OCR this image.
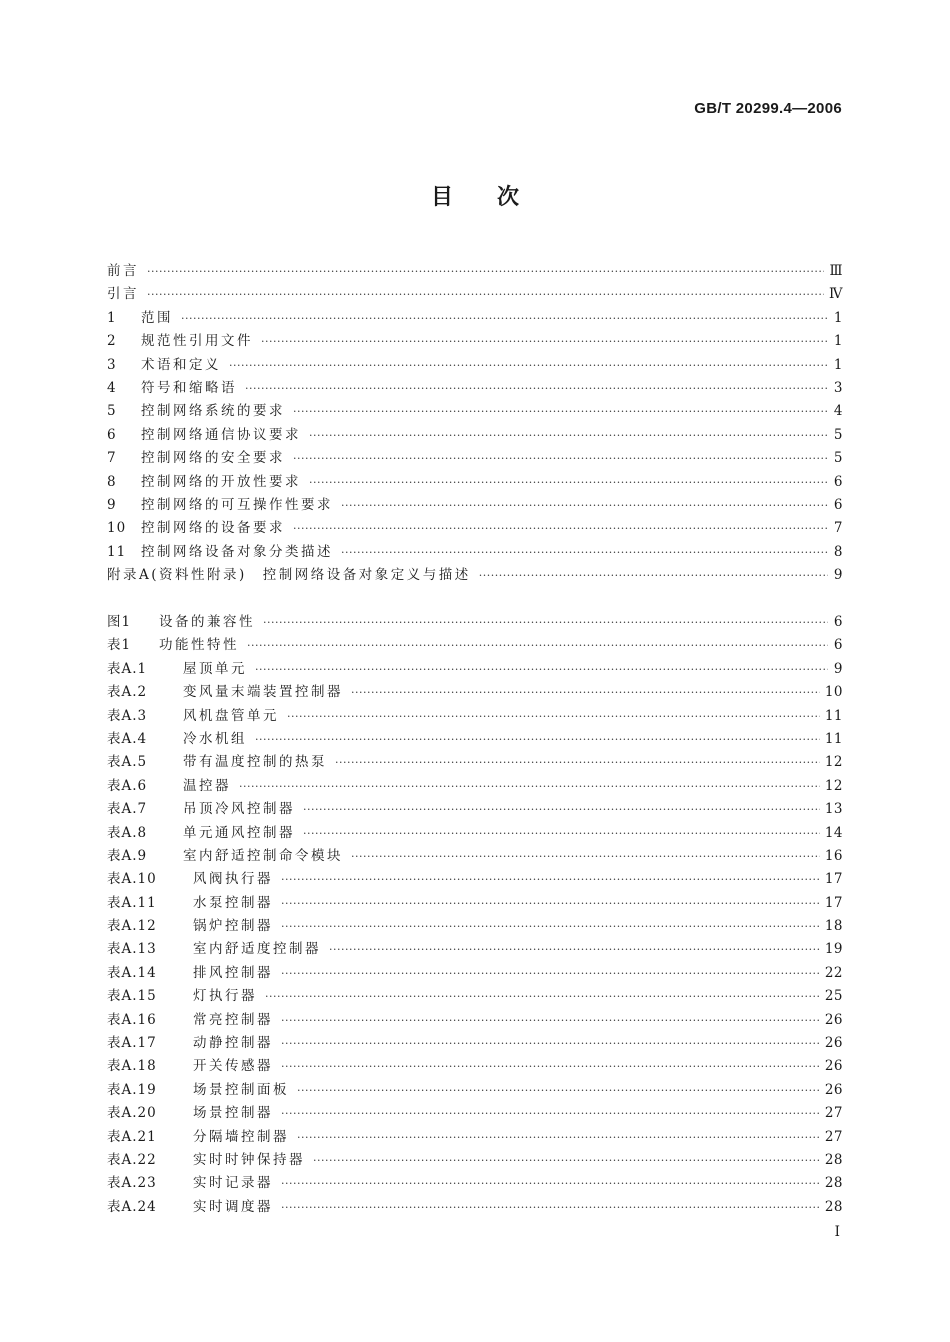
GB/T 20299.4—2006
目次
前言 ·····	Ⅲ
引言 ·····	Ⅳ
1	范围 ·····	1
2	规范性引用文件 ·····	1
3	术语和定义 ·····	1
4	符号和缩略语 ·····	3
5	控制网络系统的要求 ·····	4
6	控制网络通信协议要求 ·····	5
7	控制网络的安全要求 ·····	5
8	控制网络的开放性要求 ·····	6
9	控制网络的可互操作性要求 ·····	6
10	控制网络的设备要求 ·····	7
11	控制网络设备对象分类描述 ·····	8
附录A(资料性附录)　控制网络设备对象定义与描述 ·····	9
图1	设备的兼容性 ·····	6
表1	功能性特性 ·····	6
表A.1	屋顶单元 ·····	9
表A.2	变风量末端装置控制器 ·····	10
表A.3	风机盘管单元 ·····	11
表A.4	冷水机组 ·····	11
表A.5	带有温度控制的热泵 ·····	12
表A.6	温控器 ·····	12
表A.7	吊顶冷风控制器 ·····	13
表A.8	单元通风控制器 ·····	14
表A.9	室内舒适控制命令模块 ·····	16
表A.10	风阀执行器 ·····	17
表A.11	水泵控制器 ·····	17
表A.12	锅炉控制器 ·····	18
表A.13	室内舒适度控制器 ·····	19
表A.14	排风控制器 ·····	22
表A.15	灯执行器 ·····	25
表A.16	常亮控制器 ·····	26
表A.17	动静控制器 ·····	26
表A.18	开关传感器 ·····	26
表A.19	场景控制面板 ·····	26
表A.20	场景控制器 ·····	27
表A.21	分隔墙控制器 ·····	27
表A.22	实时时钟保持器 ·····	28
表A.23	实时记录器 ·····	28
表A.24	实时调度器 ·····	28
I
